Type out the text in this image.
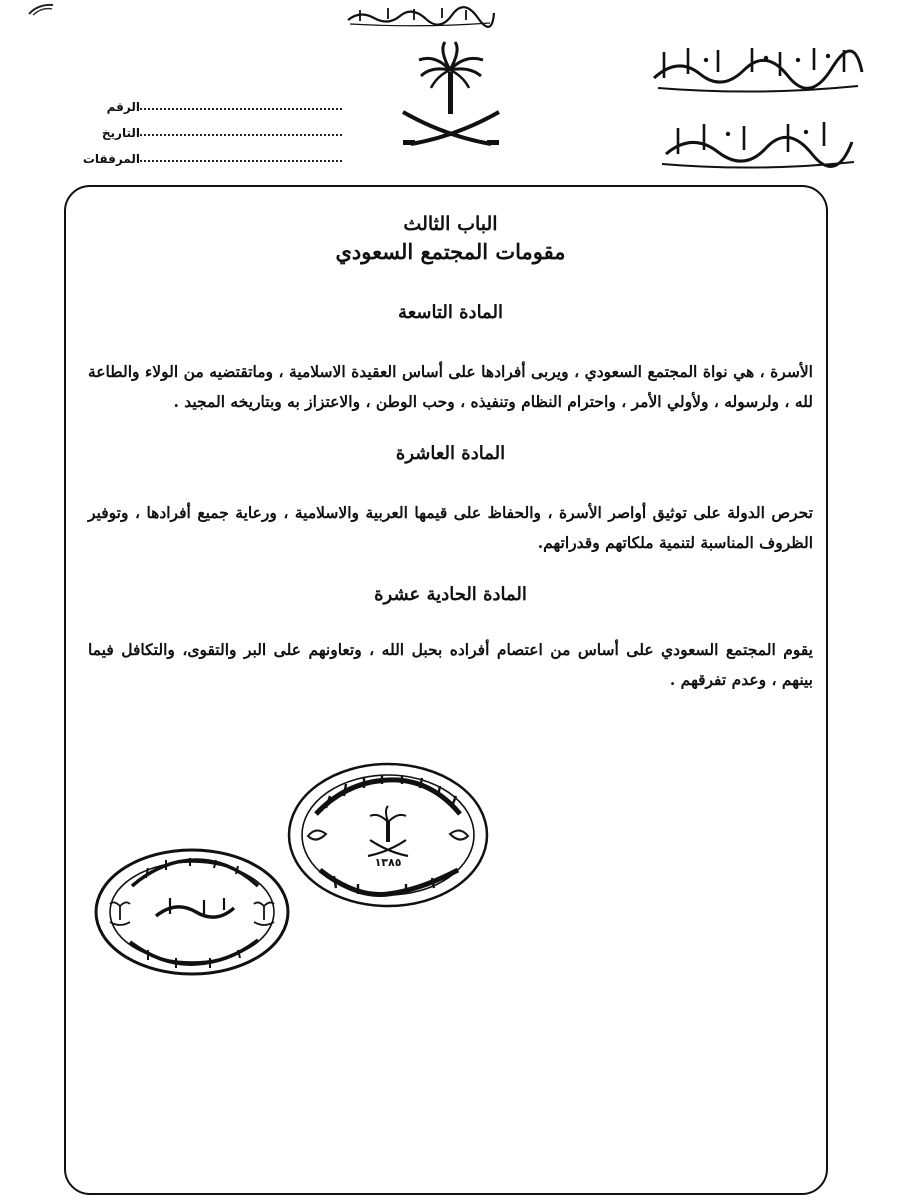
الرقم
التاريخ
المرفقات
الباب الثالث
مقومات المجتمع السعودي
المادة التاسعة

الأسرة ، هي نواة المجتمع السعودي ، ويربى أفرادها على أساس العقيدة الاسلامية ، وماتقتضيه من الولاء والطاعة لله ، ولرسوله ، ولأولي الأمر ، واحترام النظام وتنفيذه ، وحب الوطن ، والاعتزاز به وبتاريخه المجيد .

المادة العاشرة

تحرص الدولة على توثيق أواصر الأسرة ، والحفاظ على قيمها العربية والاسلامية ، ورعاية جميع أفرادها ، وتوفير الظروف المناسبة لتنمية ملكاتهم وقدراتهم.

المادة الحادية عشرة

يقوم المجتمع السعودي على أساس من اعتصام أفراده بحبل الله ، وتعاونهم على البر والتقوى، والتكافل فيما بينهم ، وعدم تفرقهم .

١٣٨٥
